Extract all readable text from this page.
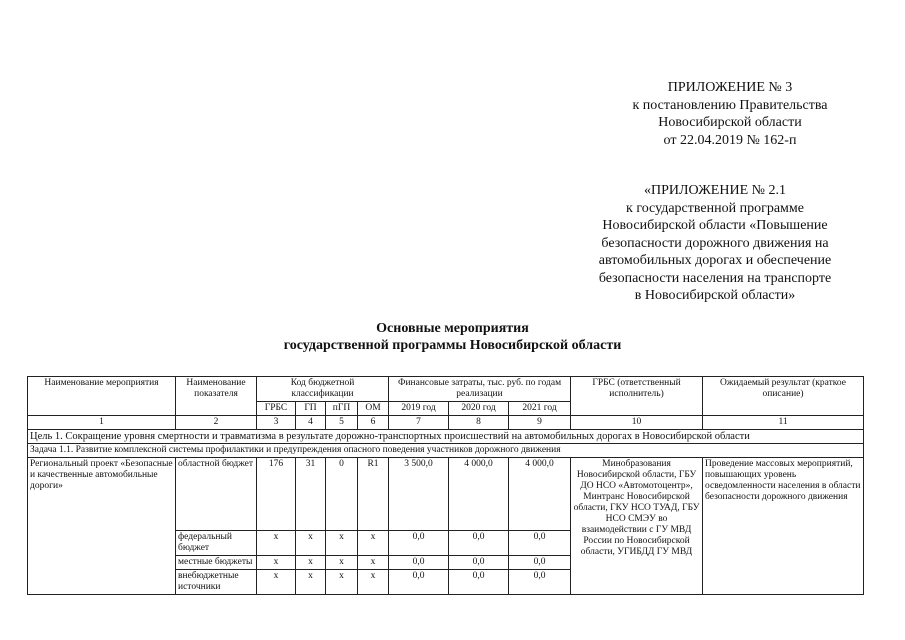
ПРИЛОЖЕНИЕ № 3
к постановлению Правительства
Новосибирской области
от 22.04.2019 № 162-п
«ПРИЛОЖЕНИЕ № 2.1
к государственной программе
Новосибирской области «Повышение
безопасности дорожного движения на
автомобильных дорогах и обеспечение
безопасности населения на транспорте
в Новосибирской области»
Основные мероприятия
государственной программы Новосибирской области
Наименование мероприятия	Наименование показателя	Код бюджетной классификации				Финансовые затраты, тыс. руб. по годам реализации			ГРБС (ответственный исполнитель)	Ожидаемый результат (краткое описание)
		ГРБС	ГП	пГП	ОМ	2019 год	2020 год	2021 год		
1	2	3	4	5	6	7	8	9	10	11
Цель 1. Сокращение уровня смертности и травматизма в результате дорожно-транспортных происшествий на автомобильных дорогах в Новосибирской области										
Задача 1.1. Развитие комплексной системы профилактики и предупреждения опасного поведения участников дорожного движения										
Региональный проект «Безопасные и качественные автомобильные дороги»	областной бюджет	176	31	0	R1	3 500,0	4 000,0	4 000,0	Минобразования Новосибирской области, ГБУ ДО НСО «Автомотоцентр», Минтранс Новосибирской области, ГКУ НСО ТУАД, ГБУ НСО СМЭУ во взаимодействии с ГУ МВД России по Новосибирской области, УГИБДД ГУ МВД	Проведение массовых мероприятий, повышающих уровень осведомленности населения в области безопасности дорожного движения
	федеральный бюджет	x	x	x	x	0,0	0,0	0,0		
	местные бюджеты	x	x	x	x	0,0	0,0	0,0		
	внебюджетные источники	x	x	x	x	0,0	0,0	0,0		
